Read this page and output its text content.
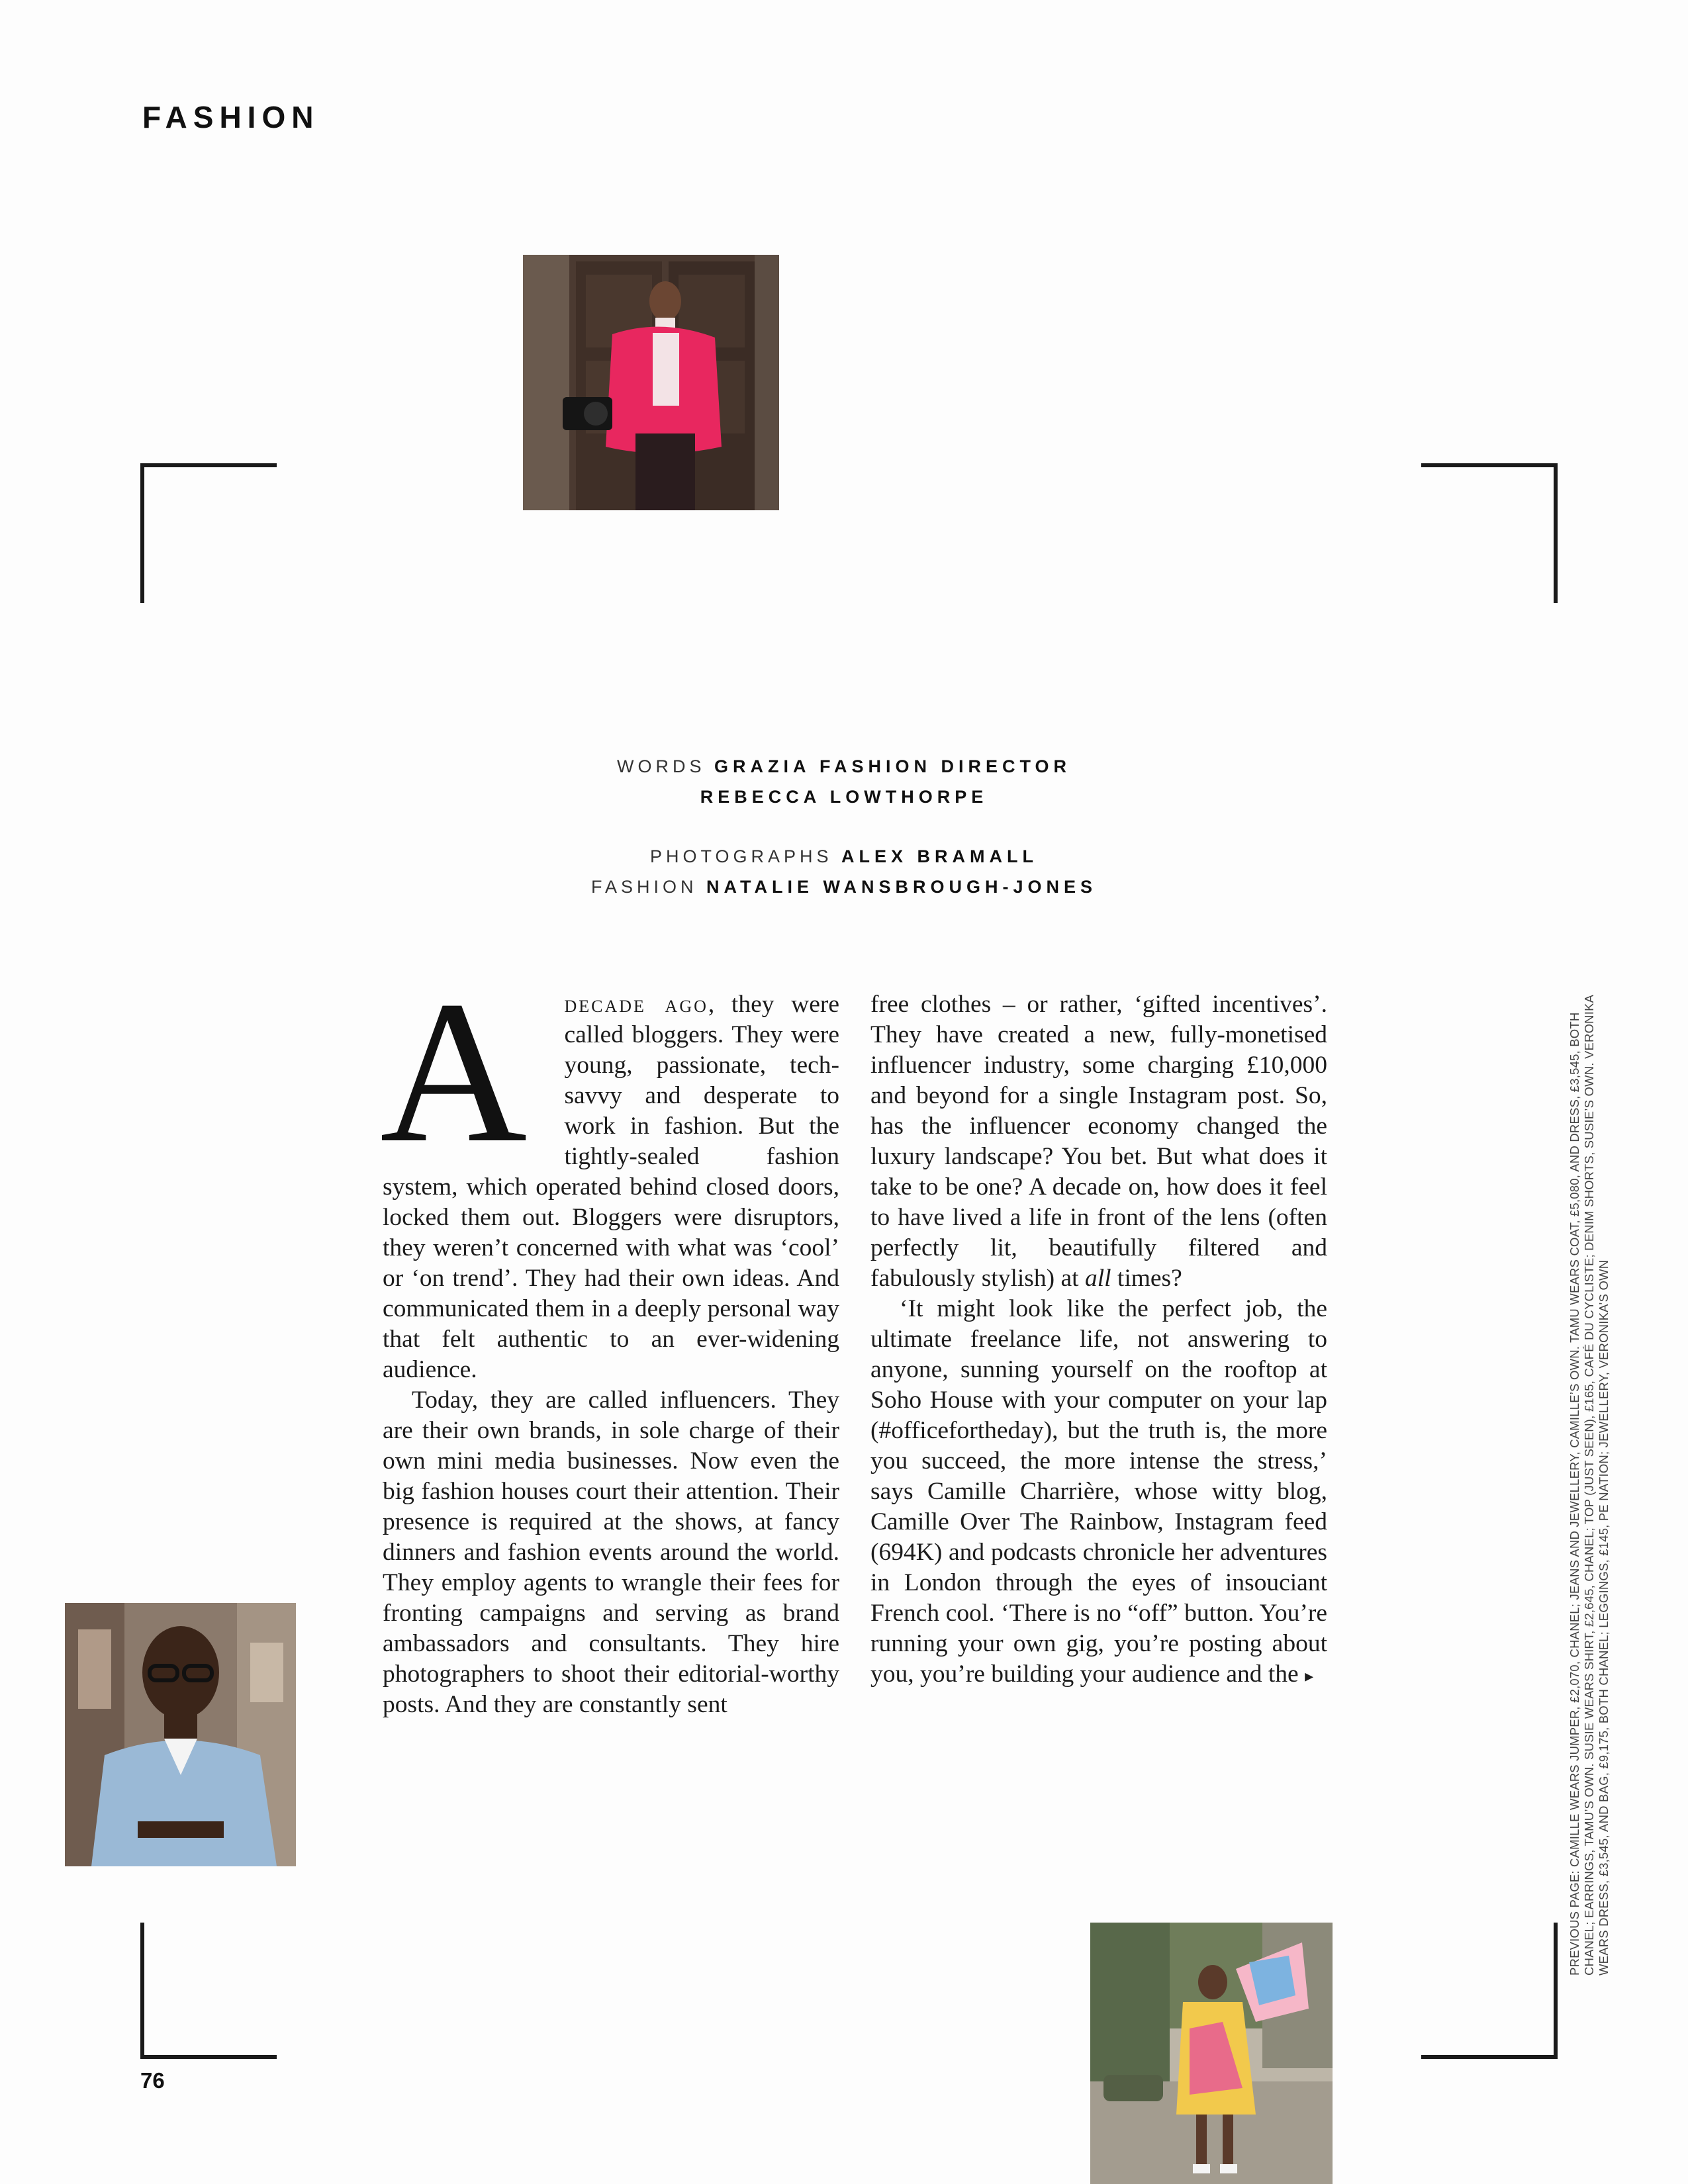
FASHION
WORDS GRAZIA FASHION DIRECTOR
REBECCA LOWTHORPE
PHOTOGRAPHS ALEX BRAMALL
FASHION NATALIE WANSBROUGH-JONES

A decade ago, they were called bloggers. They were young, passionate, tech-savvy and desperate to work in fashion. But the tightly-sealed fashion system, which operated behind closed doors, locked them out. Bloggers were disruptors, they weren’t concerned with what was ‘cool’ or ‘on trend’. They had their own ideas. And communicated them in a deeply personal way that felt authentic to an ever-widening audience.

Today, they are called influencers. They are their own brands, in sole charge of their own mini media businesses. Now even the big fashion houses court their attention. Their presence is required at the shows, at fancy dinners and fashion events around the world. They employ agents to wrangle their fees for fronting campaigns and serving as brand ambassadors and consultants. They hire photographers to shoot their editorial-worthy posts. And they are constantly sent

free clothes – or rather, ‘gifted incentives’. They have created a new, fully-monetised influencer industry, some charging £10,000 and beyond for a single Instagram post. So, has the influencer economy changed the luxury landscape? You bet. But what does it take to be one? A decade on, how does it feel to have lived a life in front of the lens (often perfectly lit, beautifully filtered and fabulously stylish) at all times?

‘It might look like the perfect job, the ultimate freelance life, not answering to anyone, sunning yourself on the rooftop at Soho House with your computer on your lap (#officefortheday), but the truth is, the more you succeed, the more intense the stress,’ says Camille Charrière, whose witty blog, Camille Over The Rainbow, Instagram feed (694K) and podcasts chronicle her adventures in London through the eyes of insouciant French cool. ‘There is no “off” button. You’re running your own gig, you’re posting about you, you’re building your audience and the ▸	PREVIOUS PAGE: CAMILLE WEARS JUMPER, £2,070, CHANEL; JEANS AND JEWELLERY, CAMILLE’S OWN. TAMU WEARS COAT, £5,080, AND DRESS, £3,545, BOTH CHANEL; EARRINGS, TAMU’S OWN. SUSIE WEARS SHIRT, £2,645, CHANEL; TOP (JUST SEEN), £165, CAFÉ DU CYCLISTE; DENIM SHORTS, SUSIE’S OWN. VERONIKA WEARS DRESS, £3,545, AND BAG, £9,175, BOTH CHANEL; LEGGINGS, £145, PE NATION; JEWELLERY, VERONIKA’S OWN

76
